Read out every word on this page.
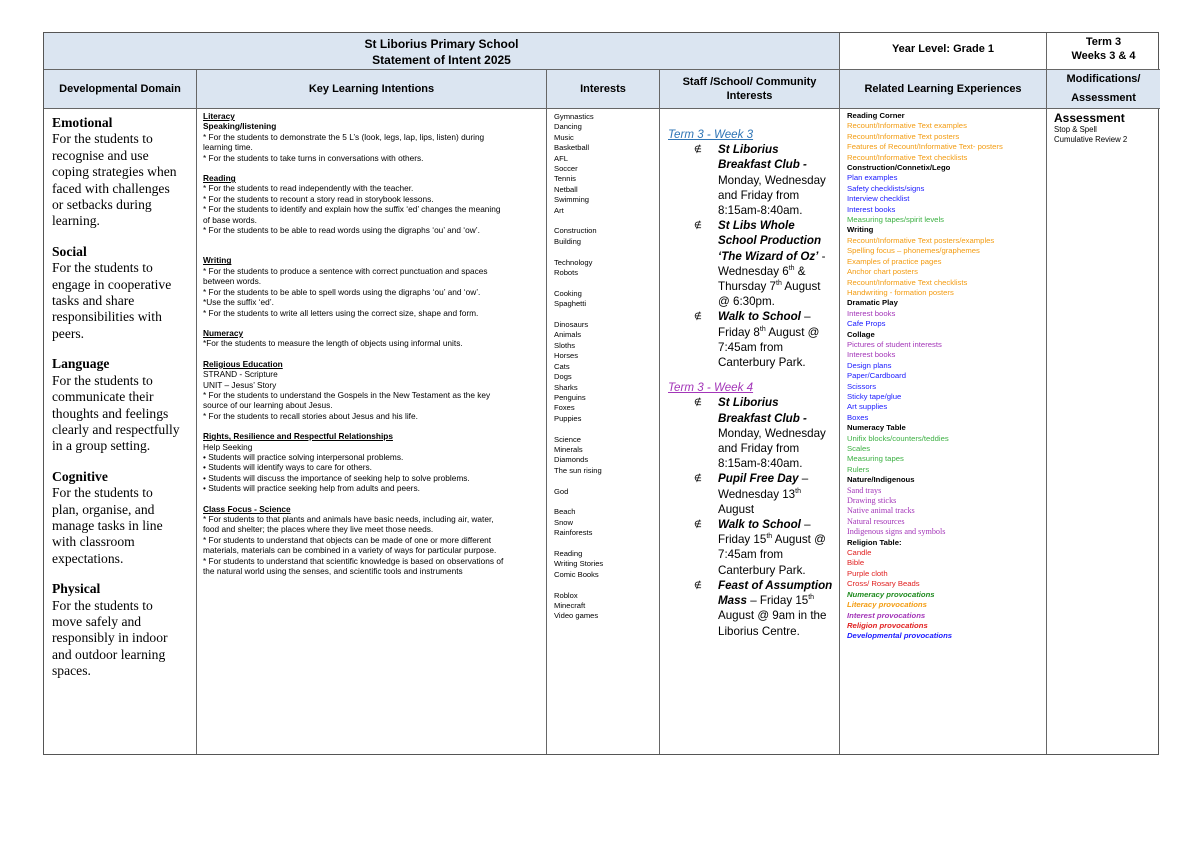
St Liborius Primary School
Statement of Intent 2025
Year Level: Grade 1
Term 3
Weeks 3 & 4
Developmental Domain	Key Learning Intentions	Interests
Staff /School/ Community
Interests
Related Learning Experiences
Modifications/
Assessment
Emotional
For the students to
recognise and use
coping strategies when
faced with challenges
or setbacks during
learning.
Social
For the students to
engage in cooperative
tasks and share
responsibilities with
peers.
Language
For the students to
communicate their
thoughts and feelings
clearly and respectfully
in a group setting.
Cognitive
For the students to
plan, organise, and
manage tasks in line
with classroom
expectations.
Physical
For the students to
move safely and
responsibly in indoor
and outdoor learning
spaces.
Literacy
Speaking/listening
* For the students to demonstrate the 5 L’s (look, legs, lap, lips, listen) during
learning time.
* For the students to take turns in conversations with others.
Reading
* For the students to read independently with the teacher.
* For the students to recount a story read in storybook lessons.
* For the students to identify and explain how the suffix ‘ed’ changes the meaning
of base words.
* For the students to be able to read words using the digraphs ‘ou’ and ‘ow’.
Writing
* For the students to produce a sentence with correct punctuation and spaces
between words.
* For the students to be able to spell words using the digraphs ‘ou’ and ‘ow’.
*Use the suffix ‘ed’.
* For the students to write all letters using the correct size, shape and form.
Numeracy
*For the students to measure the length of objects using informal units.
Religious Education
STRAND - Scripture
UNIT – Jesus’ Story
* For the students to understand the Gospels in the New Testament as the key
source of our learning about Jesus.
* For the students to recall stories about Jesus and his life.
Rights, Resilience and Respectful Relationships
Help Seeking
• Students will practice solving interpersonal problems.
• Students will identify ways to care for others.
• Students will discuss the importance of seeking help to solve problems.
• Students will practice seeking help from adults and peers.
Class Focus - Science
* For students to that plants and animals have basic needs, including air, water,
food and shelter; the places where they live meet those needs.
* For students to understand that objects can be made of one or more different
materials, materials can be combined in a variety of ways for particular purpose.
* For students to understand that scientific knowledge is based on observations of
the natural world using the senses, and scientific tools and instruments
Gymnastics
Dancing
Music
Basketball
AFL
Soccer
Tennis
Netball
Swimming
Art
Construction
Building
Technology
Robots
Cooking
Spaghetti
Dinosaurs
Animals
Sloths
Horses
Cats
Dogs
Sharks
Penguins
Foxes
Puppies
Science
Minerals
Diamonds
The sun rising
God
Beach
Snow
Rainforests
Reading
Writing Stories
Comic Books
Roblox
Minecraft
Video games
Term 3 - Week 3
∉ St Liborius
Breakfast Club -
Monday, Wednesday
and Friday from
8:15am-8:40am.
∉ St Libs Whole
School Production
‘The Wizard of Oz’ -
Wednesday 6th &
Thursday 7th August
@ 6:30pm.
∉ Walk to School –
Friday 8th August @
7:45am from
Canterbury Park.
Term 3 - Week 4
∉ St Liborius
Breakfast Club -
Monday, Wednesday
and Friday from
8:15am-8:40am.
∉ Pupil Free Day –
Wednesday 13th
August
∉ Walk to School –
Friday 15th August @
7:45am from
Canterbury Park.
∉ Feast of Assumption
Mass – Friday 15th
August @ 9am in the
Liborius Centre.
Reading Corner
Recount/Informative Text examples
Recount/Informative Text posters
Features of Recount/Informative Text- posters
Recount/Informative Text checklists
Construction/Connetix/Lego
Plan examples
Safety checklists/signs
Interview checklist
Interest books
Measuring tapes/spirit levels
Writing
Recount/Informative Text posters/examples
Spelling focus – phonemes/graphemes
Examples of practice pages
Anchor chart posters
Recount/Informative Text checklists
Handwriting - formation posters
Dramatic Play
Interest books
Cafe Props
Collage
Pictures of student interests
Interest books
Design plans
Paper/Cardboard
Scissors
Sticky tape/glue
Art supplies
Boxes
Numeracy Table
Unifix blocks/counters/teddies
Scales
Measuring tapes
Rulers
Nature/Indigenous
Sand trays
Drawing sticks
Native animal tracks
Natural resources
Indigenous signs and symbols
Religion Table:
Candle
Bible
Purple cloth
Cross/ Rosary Beads
Numeracy provocations
Literacy provocations
Interest provocations
Religion provocations
Developmental provocations
Assessment
Stop & Spell
Cumulative Review 2
